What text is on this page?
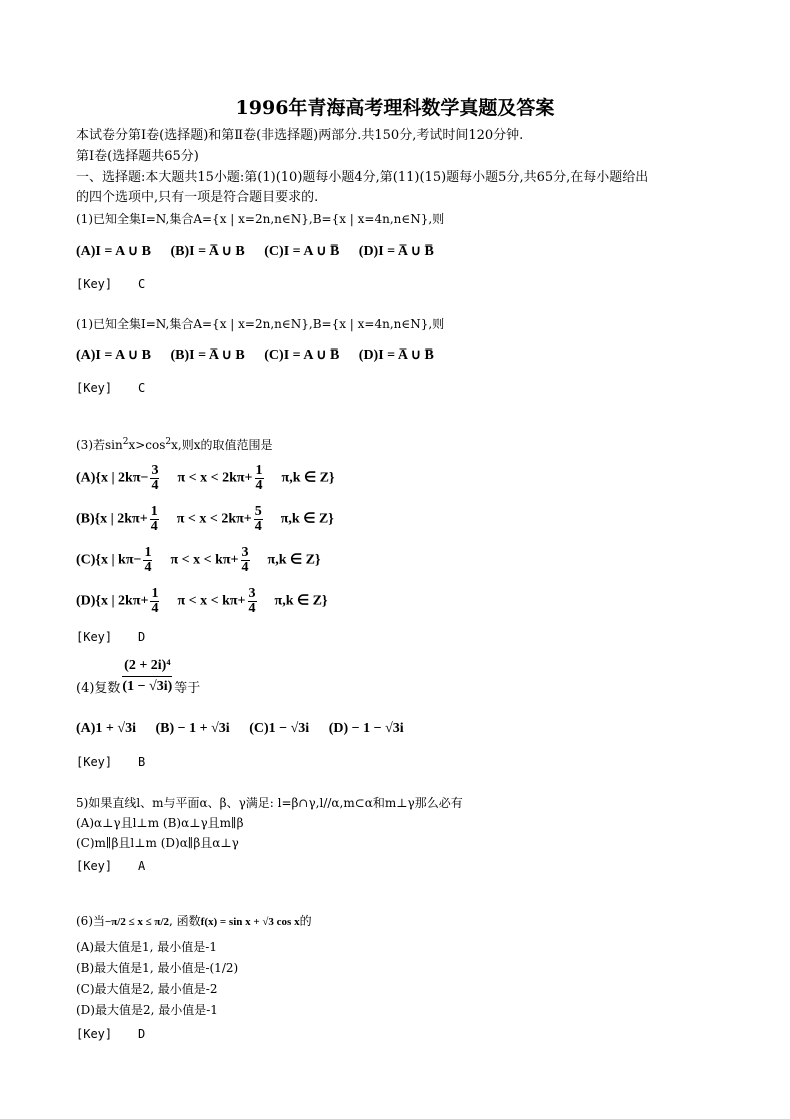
1996年青海高考理科数学真题及答案
本试卷分第Ⅰ卷(选择题)和第Ⅱ卷(非选择题)两部分.共150分,考试时间120分钟.
第Ⅰ卷(选择题共65分)
一、选择题:本大题共15小题:第(1)(10)题每小题4分,第(11)(15)题每小题5分,共65分,在每小题给出
的四个选项中,只有一项是符合题目要求的.
(1)已知全集I=N,集合A={x | x=2n,n∈N},B={x | x=4n,n∈N},则
(A)I = A ∪ B (B)I = A̅ ∪ B (C)I = A ∪ B̅ (D)I = A̅ ∪ B̅
[Key] C
(1)已知全集I=N,集合A={x | x=2n,n∈N},B={x | x=4n,n∈N},则
(A)I = A ∪ B (B)I = A̅ ∪ B (C)I = A ∪ B̅ (D)I = A̅ ∪ B̅
[Key] C
(3)若$\sin^2x>\cos^2x$,则x的取值范围是
(A){x | $2k\pi- \frac{3}{4}$ $\pi < x < 2k\pi+ \frac{1}{4} \pi,k$ ∈ Z}
(B){x | $2k\pi+ \frac{1}{4}$ $\pi < x < 2k\pi+ \frac{5}{4} \pi,k$ ∈ Z}
(C){x | $k\pi- \frac{1}{4}$ $\pi < x < k\pi+ \frac{3}{4} \pi,k$ ∈ Z}
(D){x | $2k\pi+ \frac{1}{4}$ $\pi < x < k\pi+ \frac{3}{4} \pi,k$ ∈ Z}
[Key] D
(4)复数 $\frac{\text{(2 + 2i)⁴}}{(1 - √3i)}$ 等于
(A)1 + √3i (B) − 1 + √3i (C)1 − √3i (D) − 1 − √3i
[Key] B
5)如果直线l、m与平面α、β、γ满足: l=β∩γ,l//α,m⊂α和m⊥γ那么必有
(A)α⊥γ且l⊥m (B)α⊥γ且m∥β
(C)m∥β且l⊥m (D)α∥β且α⊥γ
[Key] A
(6)当−π/2 ≤ x ≤ π/2, 函数f(x) = sin x + √3 cos x的
(A)最大值是1, 最小值是-1
(B)最大值是1, 最小值是-(1/2)
(C)最大值是2, 最小值是-2
(D)最大值是2, 最小值是-1
[Key] D
